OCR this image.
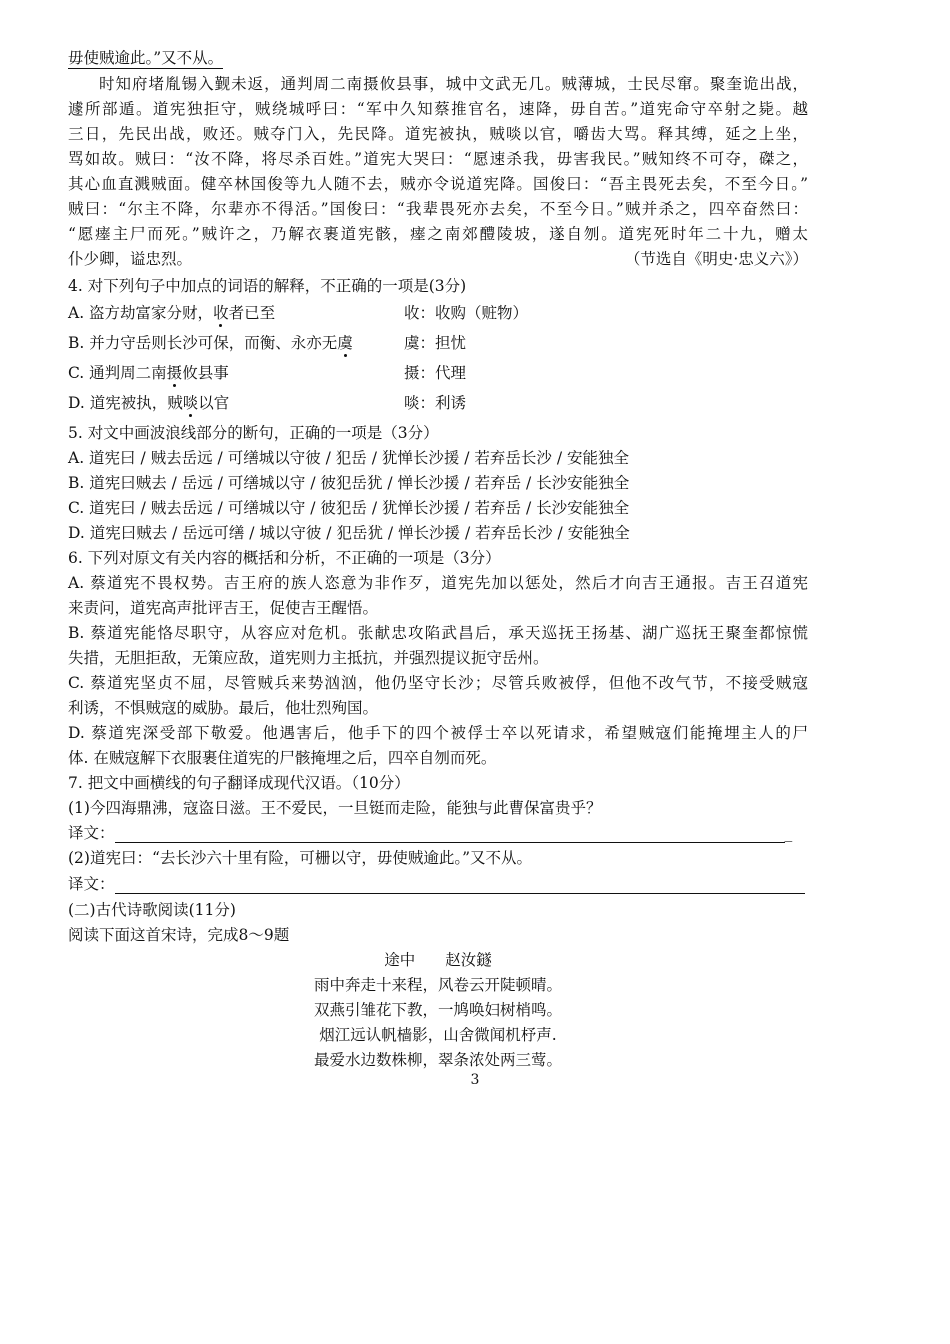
毋使贼逾此。”又不从。
时知府堵胤锡入觐未返，通判周二南摄攸县事，城中文武无几。贼薄城，士民尽窜。聚奎诡出战，
遽所部遁。道宪独拒守，贼绕城呼曰：“军中久知蔡推官名，速降，毋自苦。”道宪命守卒射之毙。越
三日，先民出战，败还。贼夺门入，先民降。道宪被执，贼啖以官，嚼齿大骂。释其缚，延之上坐，
骂如故。贼曰：“汝不降，将尽杀百姓。”道宪大哭曰：“愿速杀我，毋害我民。”贼知终不可夺，磔之，
其心血直溅贼面。健卒林国俊等九人随不去，贼亦令说道宪降。国俊曰：“吾主畏死去矣，不至今日。”
贼曰：“尔主不降，尔辈亦不得活。”国俊曰：“我辈畏死亦去矣，不至今日。”贼并杀之，四卒奋然曰：
“愿瘗主尸而死。”贼许之，乃解衣裹道宪骸，瘗之南郊醴陵坡，遂自刎。道宪死时年二十九，赠太
仆少卿，谥忠烈。	（节选自《明史·忠义六》）
4. 对下列句子中加点的词语的解释，不正确的一项是(3分)
A. 盗方劫富家分财，收者已至	收：收购（赃物）
B. 并力守岳则长沙可保，而衡、永亦无虞	虞：担忧
C. 通判周二南摄攸县事	摄：代理
D. 道宪被执，贼啖以官	啖：利诱
5. 对文中画波浪线部分的断句，正确的一项是（3分）
A. 道宪曰 / 贼去岳远 / 可缮城以守彼 / 犯岳 / 犹惮长沙援 / 若弃岳长沙 / 安能独全
B. 道宪曰贼去 / 岳远 / 可缮城以守 / 彼犯岳犹 / 惮长沙援 / 若弃岳 / 长沙安能独全
C. 道宪曰 / 贼去岳远 / 可缮城以守 / 彼犯岳 / 犹惮长沙援 / 若弃岳 / 长沙安能独全
D. 道宪曰贼去 / 岳远可缮 / 城以守彼 / 犯岳犹 / 惮长沙援 / 若弃岳长沙 / 安能独全
6. 下列对原文有关内容的概括和分析，不正确的一项是（3分）
A. 蔡道宪不畏权势。吉王府的族人恣意为非作歹，道宪先加以惩处，然后才向吉王通报。吉王召道宪
来责问，道宪高声批评吉王，促使吉王醒悟。
B. 蔡道宪能恪尽职守，从容应对危机。张献忠攻陷武昌后，承天巡抚王扬基、湖广巡抚王聚奎都惊慌
失措，无胆拒敌，无策应敌，道宪则力主抵抗，并强烈提议扼守岳州。
C. 蔡道宪坚贞不屈，尽管贼兵来势汹汹，他仍坚守长沙；尽管兵败被俘，但他不改气节，不接受贼寇
利诱，不惧贼寇的威胁。最后，他壮烈殉国。
D. 蔡道宪深受部下敬爱。他遇害后，他手下的四个被俘士卒以死请求，希望贼寇们能掩埋主人的尸
体. 在贼寇解下衣服裹住道宪的尸骸掩埋之后，四卒自刎而死。
7. 把文中画横线的句子翻译成现代汉语。（10分）
(1)今四海鼎沸，寇盗日滋。王不爱民，一旦铤而走险，能独与此曹保富贵乎？
译文：	_
(2)道宪曰：“去长沙六十里有险，可栅以守，毋使贼逾此。”又不从。
译文：
(二)古代诗歌阅读(11分)
阅读下面这首宋诗，完成8～9题
途中 赵汝鐩
雨中奔走十来程，风卷云开陡顿晴。
双燕引雏花下教，一鸠唤妇树梢鸣。
烟江远认帆樯影，山舍微闻机杼声.
最爱水边数株柳，翠条浓处两三莺。
3
